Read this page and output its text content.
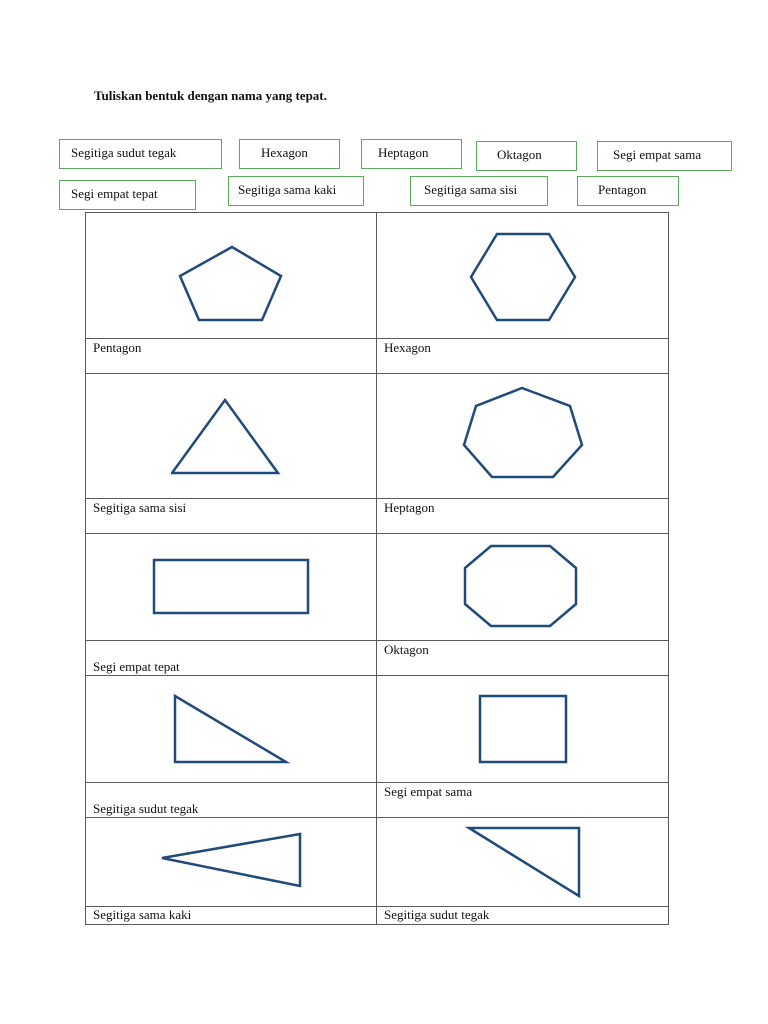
Tuliskan bentuk dengan nama yang tepat.
Segitiga sudut tegak	Hexagon	Heptagon	Oktagon	Segi empat sama
Segi empat tepat	Segitiga sama kaki	Segitiga sama sisi	Pentagon

Pentagon	Hexagon

Segitiga sama sisi	Heptagon

Segi empat tepat	Oktagon

Segitiga sudut tegak	Segi empat sama

Segitiga sama kaki	Segitiga sudut tegak
